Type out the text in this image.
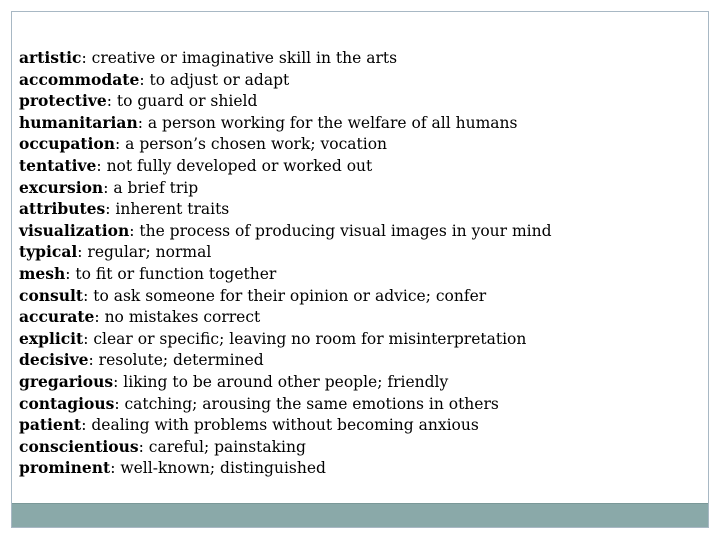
artistic: creative or imaginative skill in the arts
accommodate: to adjust or adapt
protective: to guard or shield
humanitarian: a person working for the welfare of all humans
occupation: a person’s chosen work; vocation
tentative: not fully developed or worked out
excursion: a brief trip
attributes: inherent traits
visualization: the process of producing visual images in your mind
typical: regular; normal
mesh: to fit or function together
consult: to ask someone for their opinion or advice; confer
accurate: no mistakes correct
explicit: clear or specific; leaving no room for misinterpretation
decisive: resolute; determined
gregarious: liking to be around other people; friendly
contagious: catching; arousing the same emotions in others
patient: dealing with problems without becoming anxious
conscientious: careful; painstaking
prominent: well-known; distinguished
